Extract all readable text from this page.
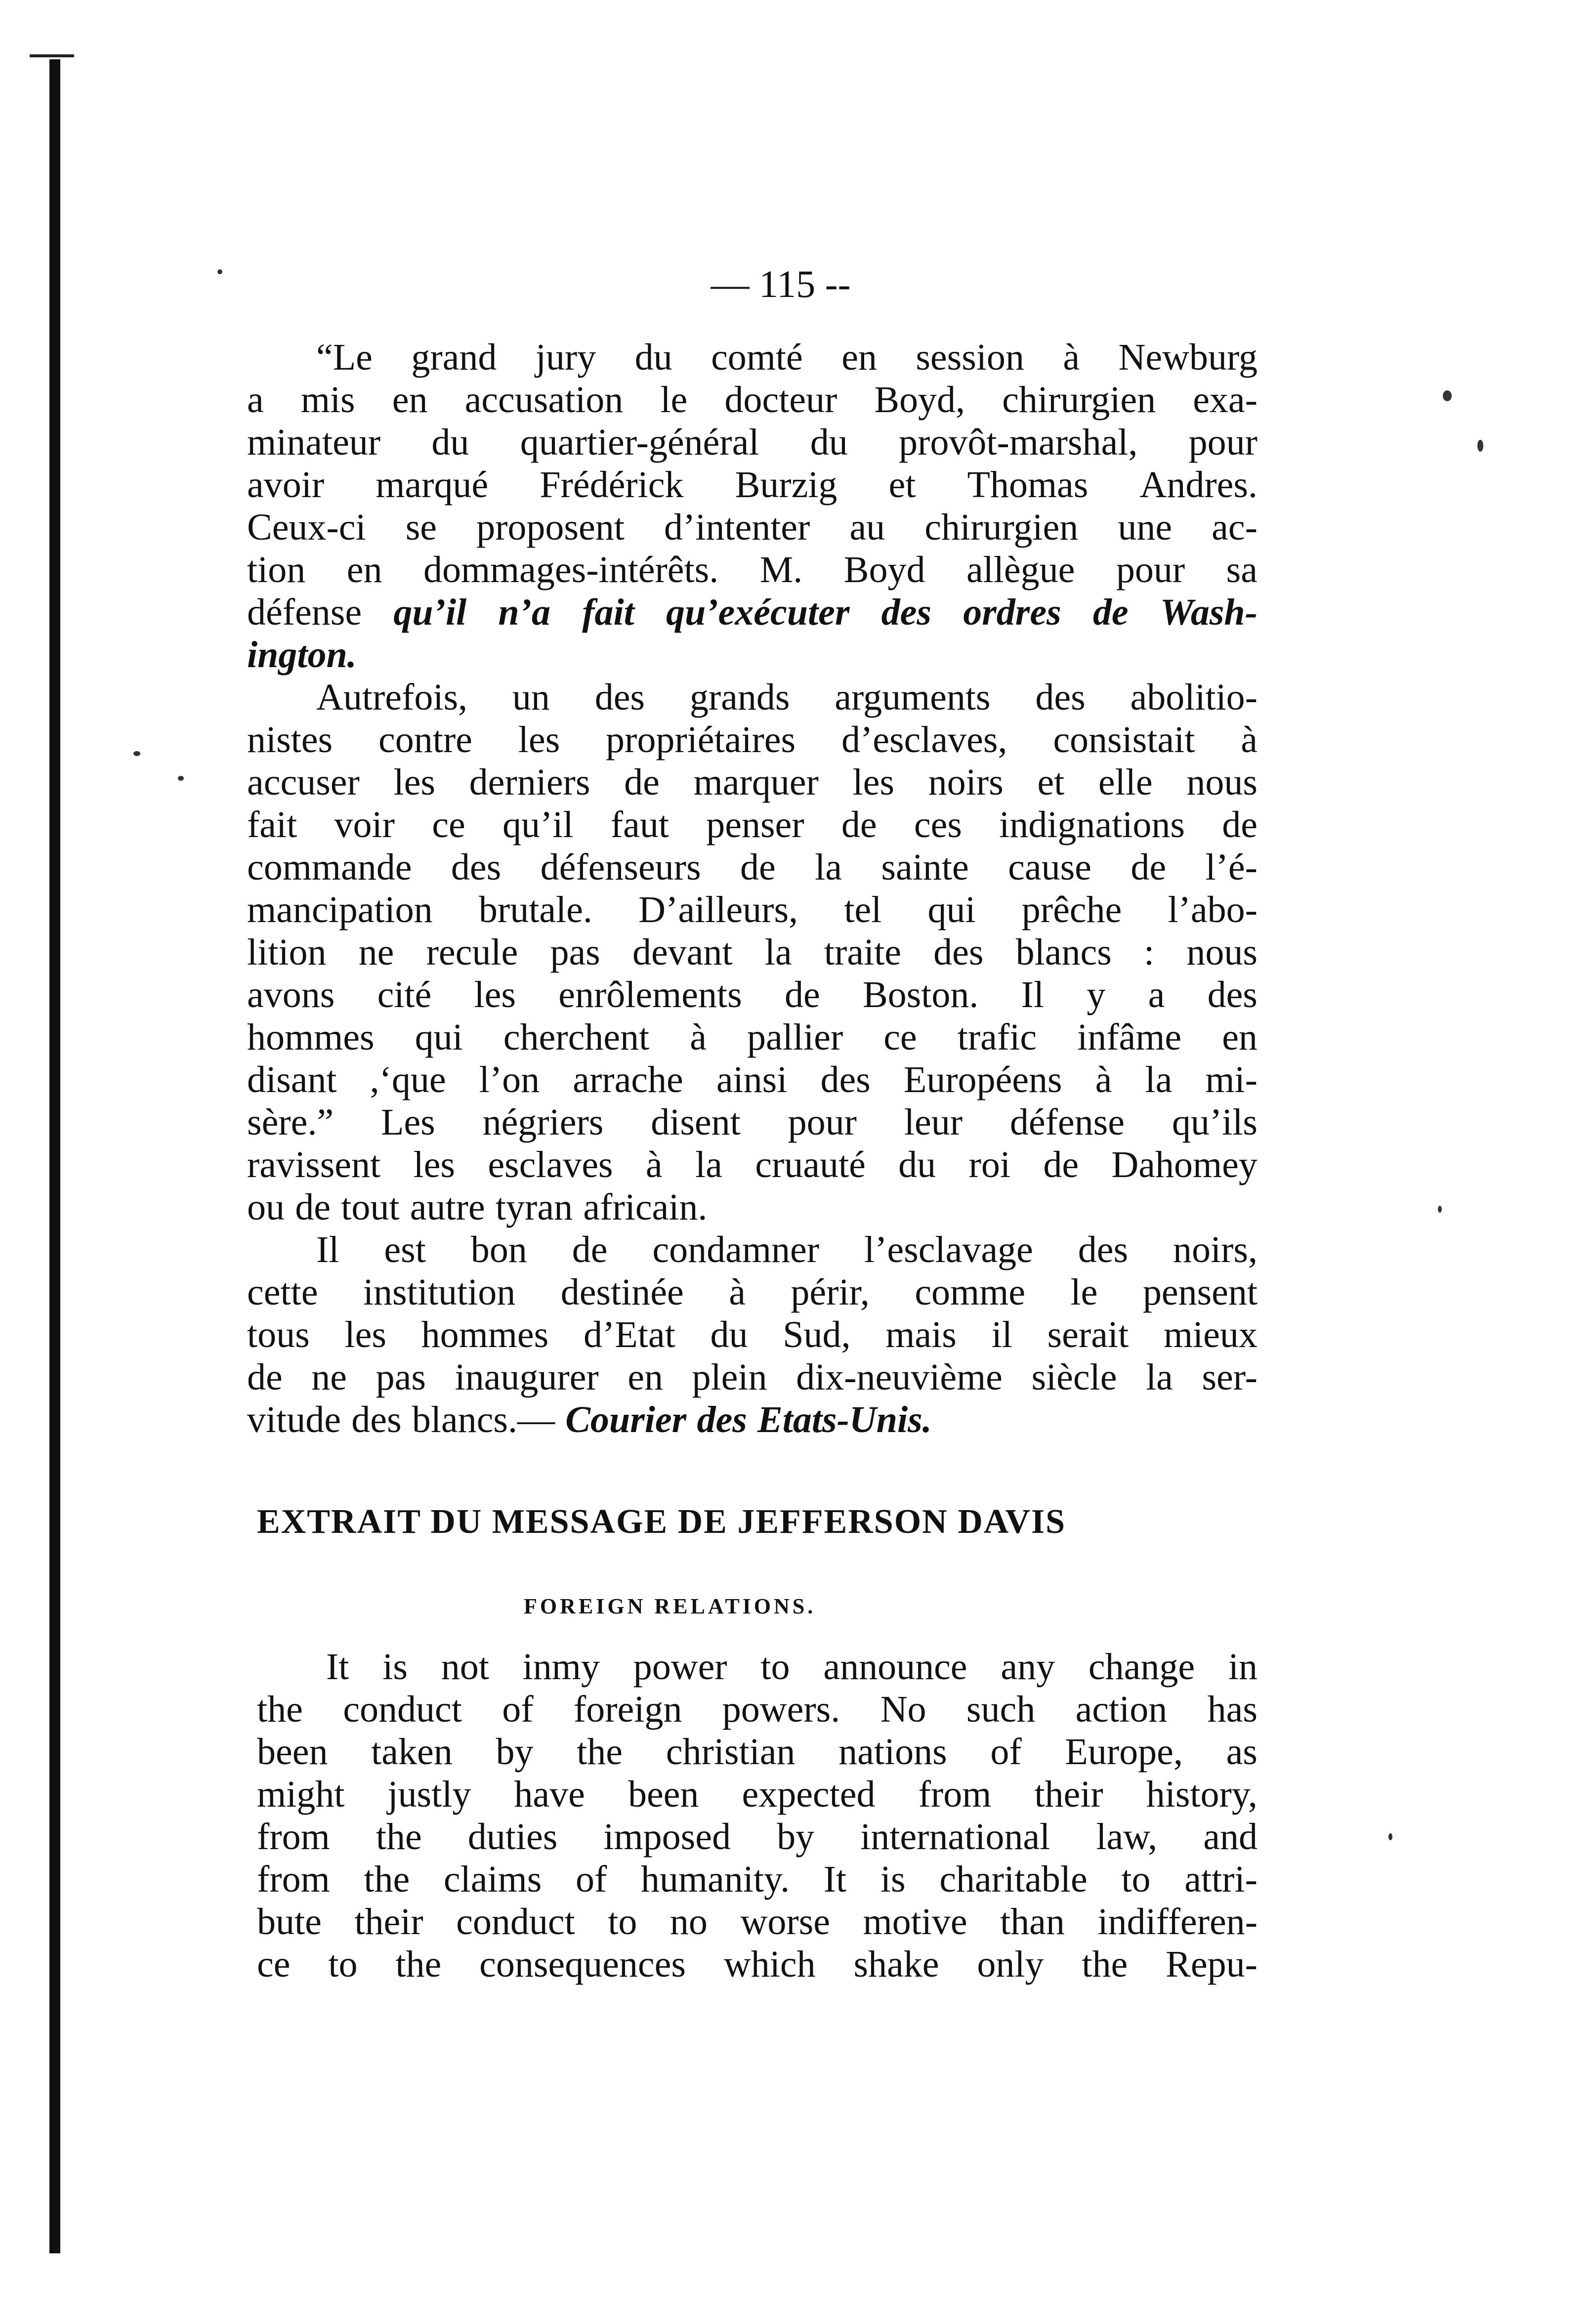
— 115 --
“Le grand jury du comté en session à Newburg
a mis en accusation le docteur Boyd, chirurgien exa-
minateur du quartier-général du provôt-marshal, pour
avoir marqué Frédérick Burzig et Thomas Andres.
Ceux-ci se proposent d’intenter au chirurgien une ac-
tion en dommages-intérêts. M. Boyd allègue pour sa
défense qu’il n’a fait qu’exécuter des ordres de Wash-
ington.
Autrefois, un des grands arguments des abolitio-
nistes contre les propriétaires d’esclaves, consistait à
accuser les derniers de marquer les noirs et elle nous
fait voir ce qu’il faut penser de ces indignations de
commande des défenseurs de la sainte cause de l’é-
mancipation brutale. D’ailleurs, tel qui prêche l’abo-
lition ne recule pas devant la traite des blancs : nous
avons cité les enrôlements de Boston. Il y a des
hommes qui cherchent à pallier ce trafic infâme en
disant ,‘que l’on arrache ainsi des Européens à la mi-
sère.” Les négriers disent pour leur défense qu’ils
ravissent les esclaves à la cruauté du roi de Dahomey
ou de tout autre tyran africain.
Il est bon de condamner l’esclavage des noirs,
cette institution destinée à périr, comme le pensent
tous les hommes d’Etat du Sud, mais il serait mieux
de ne pas inaugurer en plein dix-neuvième siècle la ser-
vitude des blancs.— Courier des Etats-Unis.
EXTRAIT DU MESSAGE DE JEFFERSON DAVIS
FOREIGN RELATIONS.
It is not inmy power to announce any change in
the conduct of foreign powers. No such action has
been taken by the christian nations of Europe, as
might justly have been expected from their history,
from the duties imposed by international law, and
from the claims of humanity. It is charitable to attri-
bute their conduct to no worse motive than indifferen-
ce to the consequences which shake only the Repu-
